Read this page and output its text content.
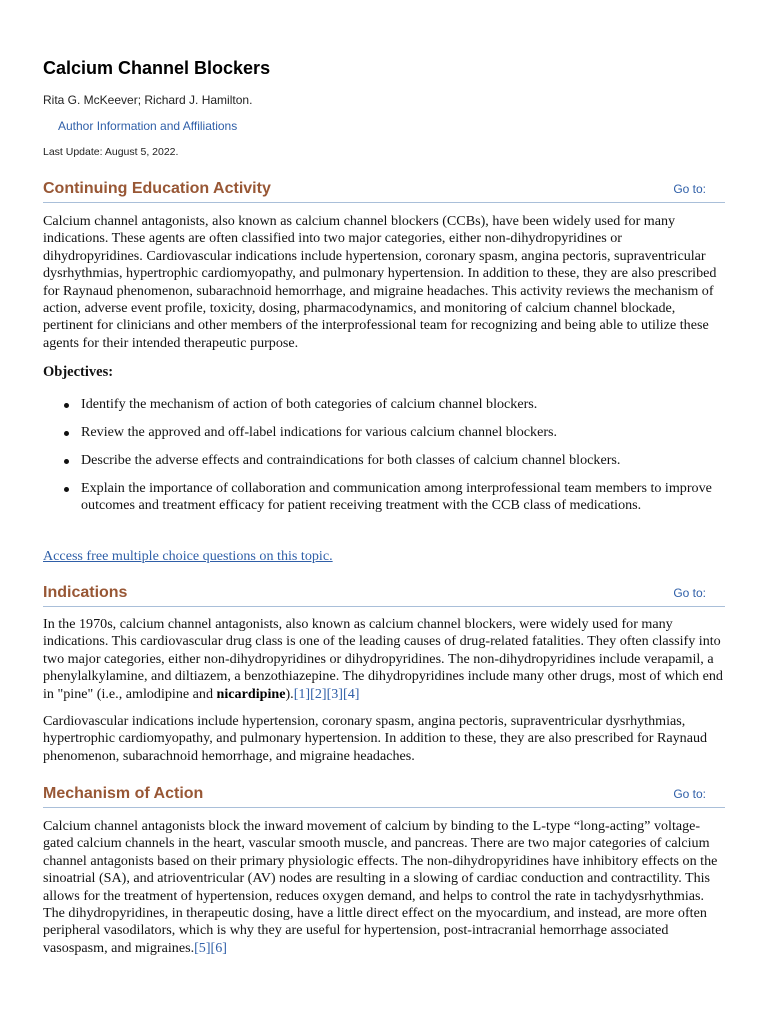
Calcium Channel Blockers
Rita G. McKeever; Richard J. Hamilton.
Author Information and Affiliations
Last Update: August 5, 2022.
Continuing Education Activity	Go to:

Calcium channel antagonists, also known as calcium channel blockers (CCBs), have been widely used for many indications. These agents are often classified into two major categories, either non-dihydropyridines or dihydropyridines. Cardiovascular indications include hypertension, coronary spasm, angina pectoris, supraventricular dysrhythmias, hypertrophic cardiomyopathy, and pulmonary hypertension. In addition to these, they are also prescribed for Raynaud phenomenon, subarachnoid hemorrhage, and migraine headaches. This activity reviews the mechanism of action, adverse event profile, toxicity, dosing, pharmacodynamics, and monitoring of calcium channel blockade, pertinent for clinicians and other members of the interprofessional team for recognizing and being able to utilize these agents for their intended therapeutic purpose.

Objectives:

Identify the mechanism of action of both categories of calcium channel blockers.
Review the approved and off-label indications for various calcium channel blockers.
Describe the adverse effects and contraindications for both classes of calcium channel blockers.
Explain the importance of collaboration and communication among interprofessional team members to improve outcomes and treatment efficacy for patient receiving treatment with the CCB class of medications.
Access free multiple choice questions on this topic.
Indications	Go to:

In the 1970s, calcium channel antagonists, also known as calcium channel blockers, were widely used for many indications. This cardiovascular drug class is one of the leading causes of drug-related fatalities. They often classify into two major categories, either non-dihydropyridines or dihydropyridines. The non-dihydropyridines include verapamil, a phenylalkylamine, and diltiazem, a benzothiazepine. The dihydropyridines include many other drugs, most of which end in "pine" (i.e., amlodipine and nicardipine).[1][2][3][4]

Cardiovascular indications include hypertension, coronary spasm, angina pectoris, supraventricular dysrhythmias, hypertrophic cardiomyopathy, and pulmonary hypertension. In addition to these, they are also prescribed for Raynaud phenomenon, subarachnoid hemorrhage, and migraine headaches.

Mechanism of Action	Go to:

Calcium channel antagonists block the inward movement of calcium by binding to the L-type “long-acting” voltage-gated calcium channels in the heart, vascular smooth muscle, and pancreas. There are two major categories of calcium channel antagonists based on their primary physiologic effects. The non-dihydropyridines have inhibitory effects on the sinoatrial (SA), and atrioventricular (AV) nodes are resulting in a slowing of cardiac conduction and contractility. This allows for the treatment of hypertension, reduces oxygen demand, and helps to control the rate in tachydysrhythmias. The dihydropyridines, in therapeutic dosing, have a little direct effect on the myocardium, and instead, are more often peripheral vasodilators, which is why they are useful for hypertension, post-intracranial hemorrhage associated vasospasm, and migraines.[5][6]
